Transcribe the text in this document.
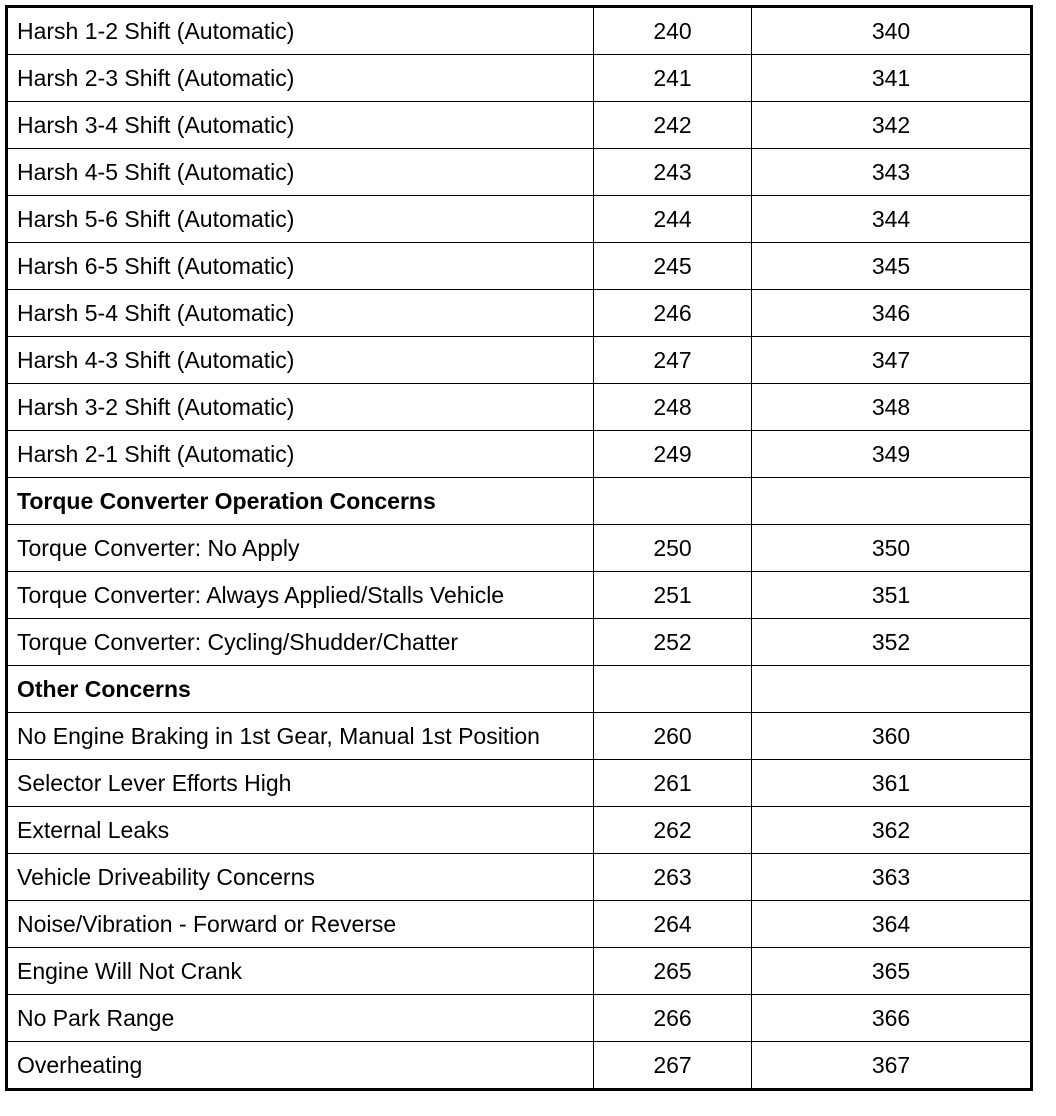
Harsh 1-2 Shift (Automatic)	240	340
Harsh 2-3 Shift (Automatic)	241	341
Harsh 3-4 Shift (Automatic)	242	342
Harsh 4-5 Shift (Automatic)	243	343
Harsh 5-6 Shift (Automatic)	244	344
Harsh 6-5 Shift (Automatic)	245	345
Harsh 5-4 Shift (Automatic)	246	346
Harsh 4-3 Shift (Automatic)	247	347
Harsh 3-2 Shift (Automatic)	248	348
Harsh 2-1 Shift (Automatic)	249	349
Torque Converter Operation Concerns		
Torque Converter: No Apply	250	350
Torque Converter: Always Applied/Stalls Vehicle	251	351
Torque Converter: Cycling/Shudder/Chatter	252	352
Other Concerns		
No Engine Braking in 1st Gear, Manual 1st Position	260	360
Selector Lever Efforts High	261	361
External Leaks	262	362
Vehicle Driveability Concerns	263	363
Noise/Vibration - Forward or Reverse	264	364
Engine Will Not Crank	265	365
No Park Range	266	366
Overheating	267	367
